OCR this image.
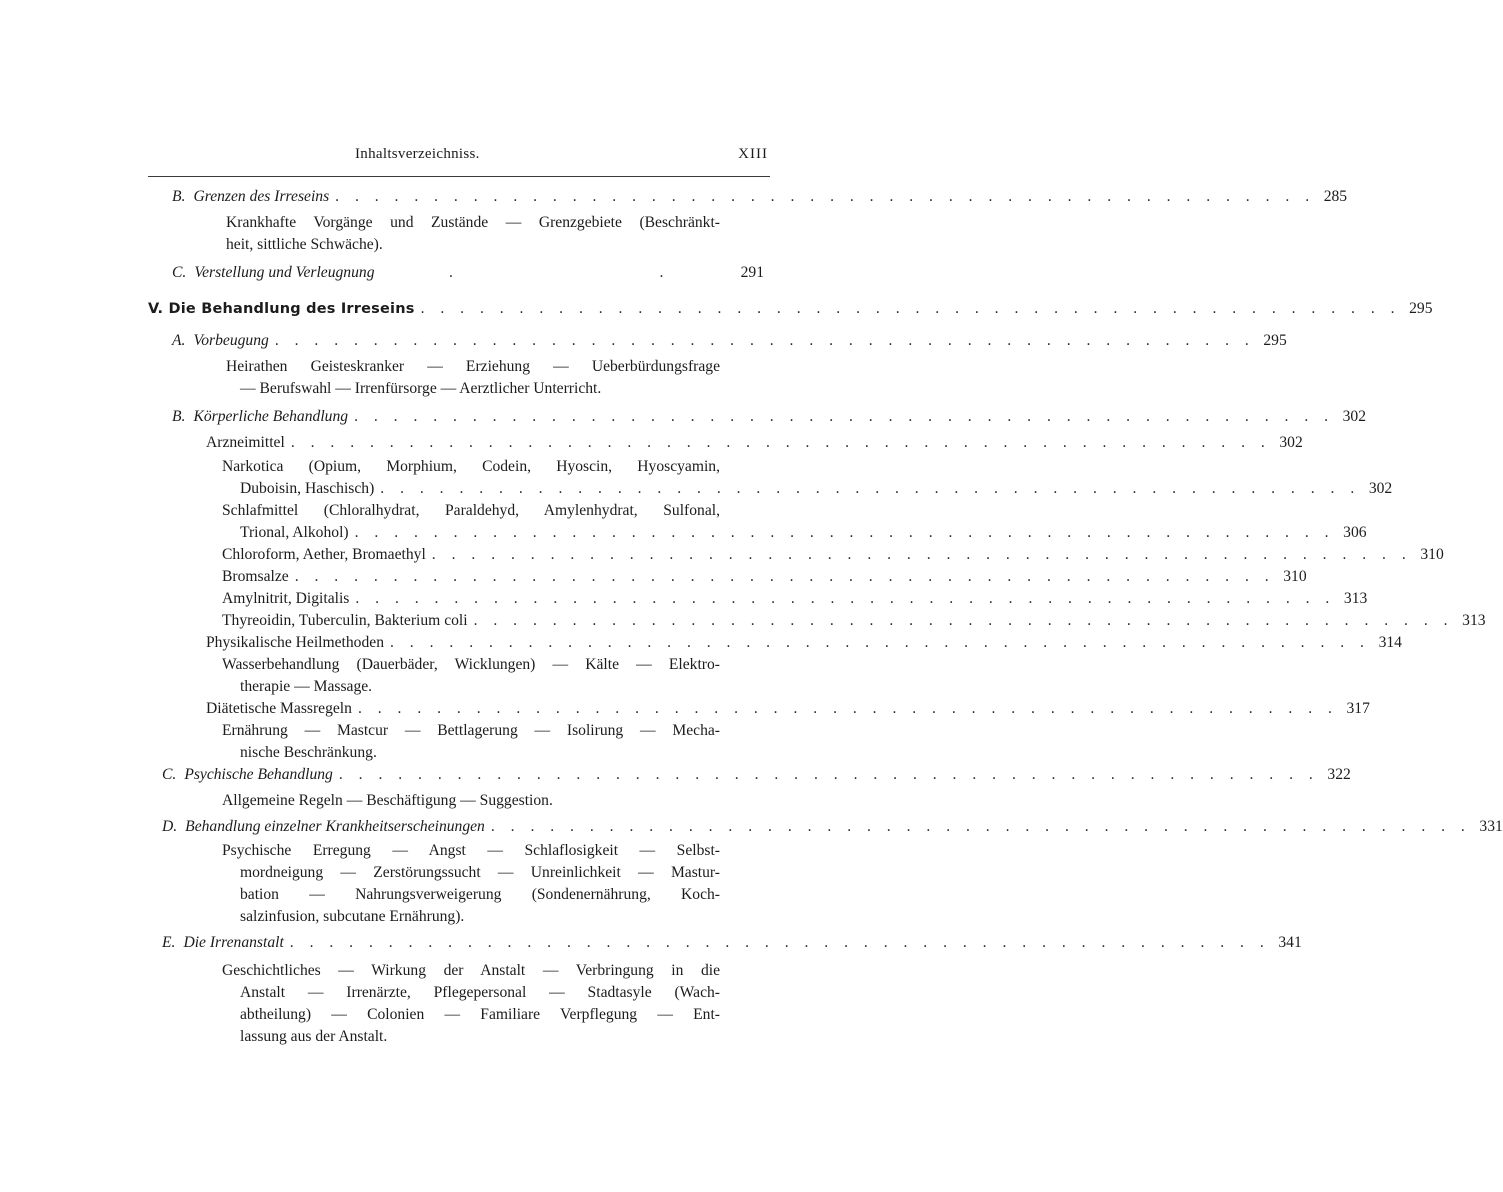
Inhaltsverzeichniss.	XIII
B. Grenzen des Irreseins . . . . . . . . . . . . . . . . . . . . . . . . . . . . . . . . . . . . . . . . . . . . . . . . . . 285
Krankhafte Vorgänge und Zustände — Grenzgebiete (Beschränkt-
heit, sittliche Schwäche).
C. Verstellung und Verleugnung	.                                                     .	291
V. Die Behandlung des Irreseins . . . . . . . . . . . . . . . . . . . . . . . . . . . . . . . . . . . . . . . . . . . . . . . . . . 295
A. Vorbeugung . . . . . . . . . . . . . . . . . . . . . . . . . . . . . . . . . . . . . . . . . . . . . . . . . . 295
Heirathen Geisteskranker — Erziehung — Ueberbürdungsfrage
— Berufswahl — Irrenfürsorge — Aerztlicher Unterricht.
B. Körperliche Behandlung . . . . . . . . . . . . . . . . . . . . . . . . . . . . . . . . . . . . . . . . . . . . . . . . . . 302
Arzneimittel . . . . . . . . . . . . . . . . . . . . . . . . . . . . . . . . . . . . . . . . . . . . . . . . . . 302
Narkotica (Opium, Morphium, Codein, Hyoscin, Hyoscyamin,
Duboisin, Haschisch) . . . . . . . . . . . . . . . . . . . . . . . . . . . . . . . . . . . . . . . . . . . . . . . . . . 302
Schlafmittel (Chloralhydrat, Paraldehyd, Amylenhydrat, Sulfonal,
Trional, Alkohol) . . . . . . . . . . . . . . . . . . . . . . . . . . . . . . . . . . . . . . . . . . . . . . . . . . 306
Chloroform, Aether, Bromaethyl . . . . . . . . . . . . . . . . . . . . . . . . . . . . . . . . . . . . . . . . . . . . . . . . . . 310
Bromsalze . . . . . . . . . . . . . . . . . . . . . . . . . . . . . . . . . . . . . . . . . . . . . . . . . . 310
Amylnitrit, Digitalis . . . . . . . . . . . . . . . . . . . . . . . . . . . . . . . . . . . . . . . . . . . . . . . . . . 313
Thyreoidin, Tuberculin, Bakterium coli . . . . . . . . . . . . . . . . . . . . . . . . . . . . . . . . . . . . . . . . . . . . . . . . . . 313
Physikalische Heilmethoden . . . . . . . . . . . . . . . . . . . . . . . . . . . . . . . . . . . . . . . . . . . . . . . . . . 314
Wasserbehandlung (Dauerbäder, Wicklungen) — Kälte — Elektro-
therapie — Massage.
Diätetische Massregeln . . . . . . . . . . . . . . . . . . . . . . . . . . . . . . . . . . . . . . . . . . . . . . . . . . 317
Ernährung — Mastcur — Bettlagerung — Isolirung — Mecha-
nische Beschränkung.
C. Psychische Behandlung . . . . . . . . . . . . . . . . . . . . . . . . . . . . . . . . . . . . . . . . . . . . . . . . . . 322
Allgemeine Regeln — Beschäftigung — Suggestion.
D. Behandlung einzelner Krankheitserscheinungen . . . . . . . . . . . . . . . . . . . . . . . . . . . . . . . . . . . . . . . . . . . . . . . . . . 331
Psychische Erregung — Angst — Schlaflosigkeit — Selbst-
mordneigung — Zerstörungssucht — Unreinlichkeit — Mastur-
bation — Nahrungsverweigerung (Sondenernährung, Koch-
salzinfusion, subcutane Ernährung).
E. Die Irrenanstalt . . . . . . . . . . . . . . . . . . . . . . . . . . . . . . . . . . . . . . . . . . . . . . . . . . 341
Geschichtliches — Wirkung der Anstalt — Verbringung in die
Anstalt — Irrenärzte, Pflegepersonal — Stadtasyle (Wach-
abtheilung) — Colonien — Familiare Verpflegung — Ent-
lassung aus der Anstalt.
